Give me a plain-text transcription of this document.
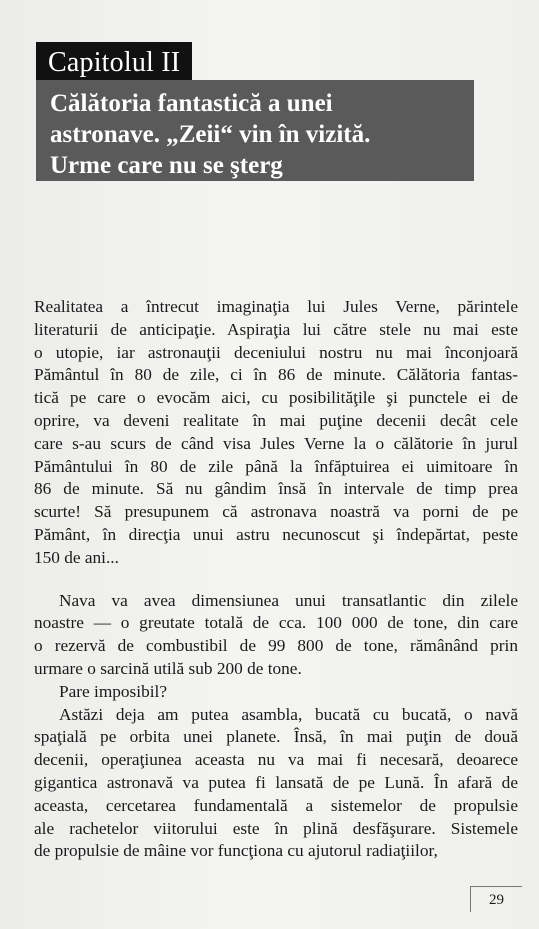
Capitolul II
Călătoria fantastică a unei
astronave. „Zeii“ vin în vizită.
Urme care nu se şterg
Realitatea a întrecut imaginaţia lui Jules Verne, părintele
literaturii de anticipaţie. Aspiraţia lui către stele nu mai este
o utopie, iar astronauţii deceniului nostru nu mai înconjoară
Pământul în 80 de zile, ci în 86 de minute. Călătoria fantas-
tică pe care o evocăm aici, cu posibilităţile şi punctele ei de
oprire, va deveni realitate în mai puţine decenii decât cele
care s-au scurs de când visa Jules Verne la o călătorie în jurul
Pământului în 80 de zile până la înfăptuirea ei uimitoare în
86 de minute. Să nu gândim însă în intervale de timp prea
scurte! Să presupunem că astronava noastră va porni de pe
Pământ, în direcţia unui astru necunoscut şi îndepărtat, peste
150 de ani...
Nava va avea dimensiunea unui transatlantic din zilele
noastre — o greutate totală de cca. 100 000 de tone, din care
o rezervă de combustibil de 99 800 de tone, rămânând prin
urmare o sarcină utilă sub 200 de tone.
Pare imposibil?
Astăzi deja am putea asambla, bucată cu bucată, o navă
spaţială pe orbita unei planete. Însă, în mai puţin de două
decenii, operaţiunea aceasta nu va mai fi necesară, deoarece
gigantica astronavă va putea fi lansată de pe Lună. În afară de
aceasta, cercetarea fundamentală a sistemelor de propulsie
ale rachetelor viitorului este în plină desfăşurare. Sistemele
de propulsie de mâine vor funcţiona cu ajutorul radiaţiilor,
29
